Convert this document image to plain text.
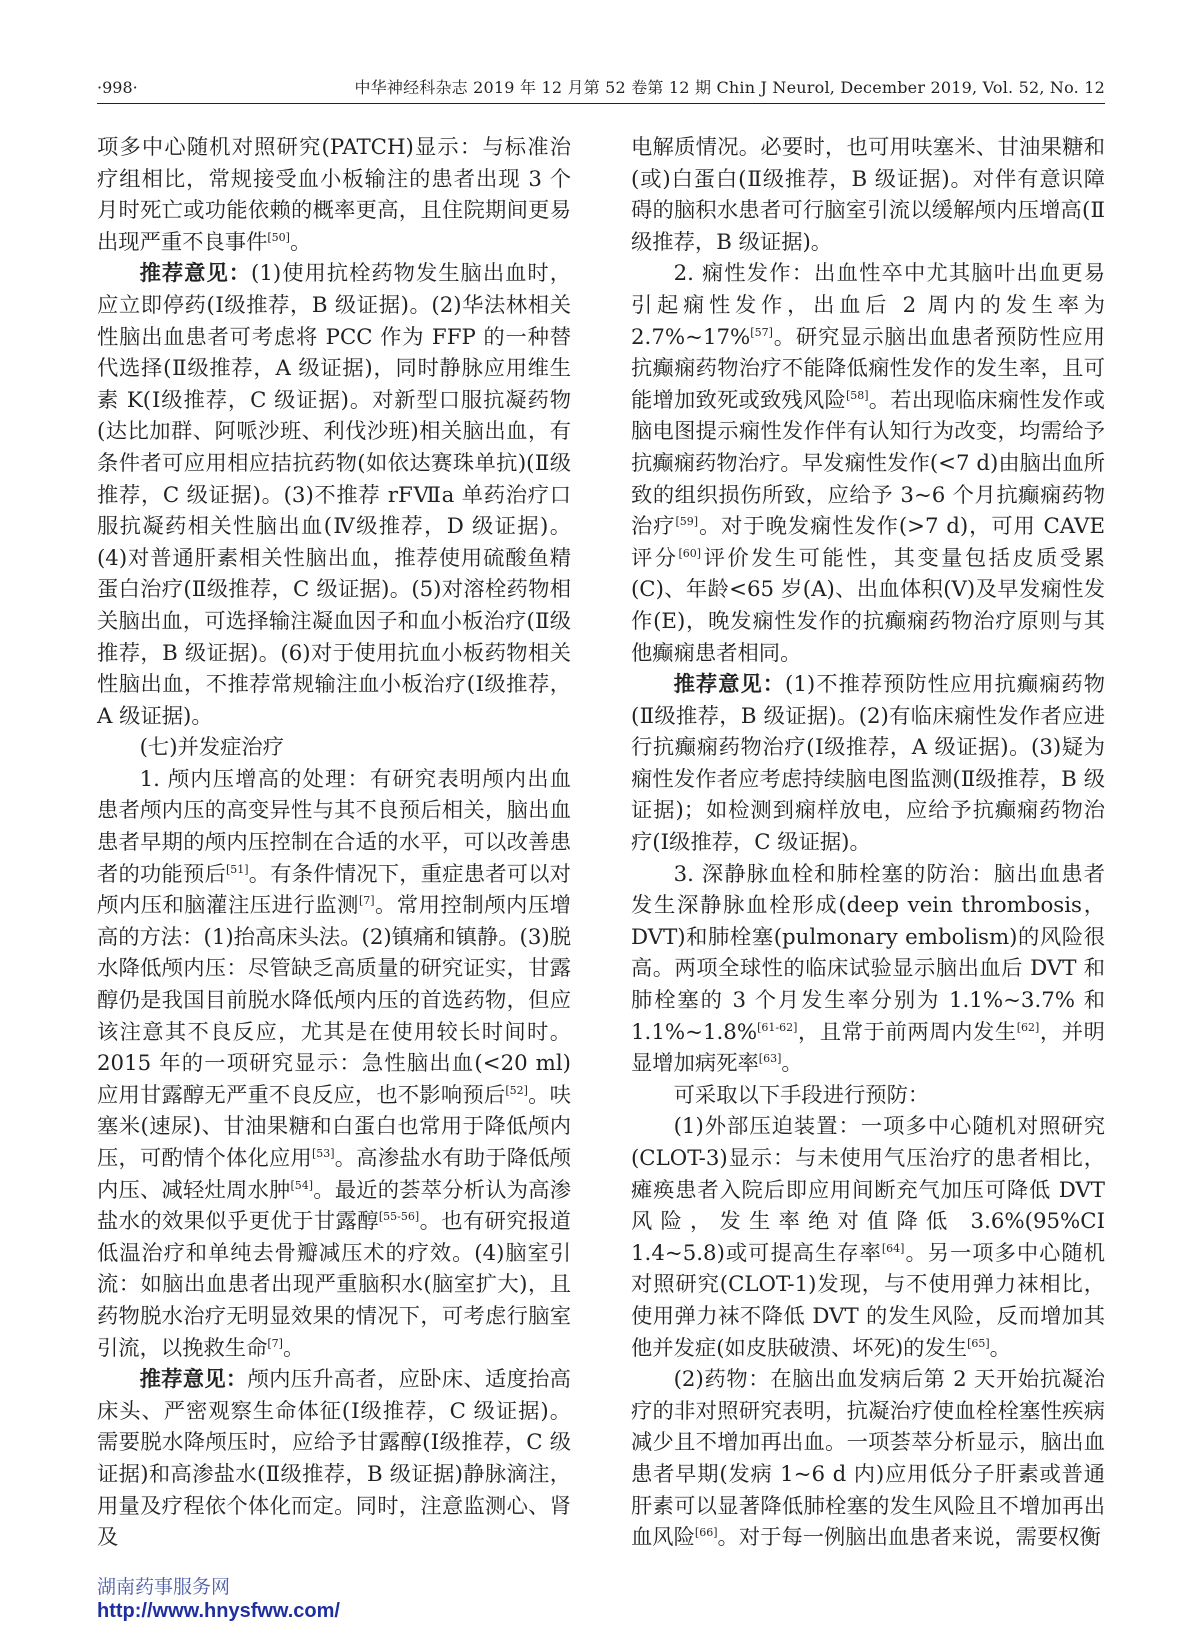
·998·	中华神经科杂志 2019 年 12 月第 52 卷第 12 期 Chin J Neurol, December 2019, Vol. 52, No. 12

项多中心随机对照研究(PATCH)显示：与标准治疗组相比，常规接受血小板输注的患者出现 3 个月时死亡或功能依赖的概率更高，且住院期间更易出现严重不良事件[50]。

推荐意见：(1)使用抗栓药物发生脑出血时，应立即停药(Ⅰ级推荐，B 级证据)。(2)华法林相关性脑出血患者可考虑将 PCC 作为 FFP 的一种替代选择(Ⅱ级推荐，A 级证据)，同时静脉应用维生素 K(Ⅰ级推荐，C 级证据)。对新型口服抗凝药物(达比加群、阿哌沙班、利伐沙班)相关脑出血，有条件者可应用相应拮抗药物(如依达赛珠单抗)(Ⅱ级推荐，C 级证据)。(3)不推荐 rFⅦa 单药治疗口服抗凝药相关性脑出血(Ⅳ级推荐，D 级证据)。(4)对普通肝素相关性脑出血，推荐使用硫酸鱼精蛋白治疗(Ⅱ级推荐，C 级证据)。(5)对溶栓药物相关脑出血，可选择输注凝血因子和血小板治疗(Ⅱ级推荐，B 级证据)。(6)对于使用抗血小板药物相关性脑出血，不推荐常规输注血小板治疗(Ⅰ级推荐，A 级证据)。

(七)并发症治疗

1. 颅内压增高的处理：有研究表明颅内出血患者颅内压的高变异性与其不良预后相关，脑出血患者早期的颅内压控制在合适的水平，可以改善患者的功能预后[51]。有条件情况下，重症患者可以对颅内压和脑灌注压进行监测[7]。常用控制颅内压增高的方法：(1)抬高床头法。(2)镇痛和镇静。(3)脱水降低颅内压：尽管缺乏高质量的研究证实，甘露醇仍是我国目前脱水降低颅内压的首选药物，但应该注意其不良反应，尤其是在使用较长时间时。2015 年的一项研究显示：急性脑出血(<20 ml)应用甘露醇无严重不良反应，也不影响预后[52]。呋塞米(速尿)、甘油果糖和白蛋白也常用于降低颅内压，可酌情个体化应用[53]。高渗盐水有助于降低颅内压、减轻灶周水肿[54]。最近的荟萃分析认为高渗盐水的效果似乎更优于甘露醇[55-56]。也有研究报道低温治疗和单纯去骨瓣减压术的疗效。(4)脑室引流：如脑出血患者出现严重脑积水(脑室扩大)，且药物脱水治疗无明显效果的情况下，可考虑行脑室引流，以挽救生命[7]。

推荐意见：颅内压升高者，应卧床、适度抬高床头、严密观察生命体征(Ⅰ级推荐，C 级证据)。需要脱水降颅压时，应给予甘露醇(Ⅰ级推荐，C 级证据)和高渗盐水(Ⅱ级推荐，B 级证据)静脉滴注，用量及疗程依个体化而定。同时，注意监测心、肾及

电解质情况。必要时，也可用呋塞米、甘油果糖和(或)白蛋白(Ⅱ级推荐，B 级证据)。对伴有意识障碍的脑积水患者可行脑室引流以缓解颅内压增高(Ⅱ级推荐，B 级证据)。

2. 痫性发作：出血性卒中尤其脑叶出血更易引起痫性发作，出血后 2 周内的发生率为 2.7%~17%[57]。研究显示脑出血患者预防性应用抗癫痫药物治疗不能降低痫性发作的发生率，且可能增加致死或致残风险[58]。若出现临床痫性发作或脑电图提示痫性发作伴有认知行为改变，均需给予抗癫痫药物治疗。早发痫性发作(<7 d)由脑出血所致的组织损伤所致，应给予 3~6 个月抗癫痫药物治疗[59]。对于晚发痫性发作(>7 d)，可用 CAVE 评分[60]评价发生可能性，其变量包括皮质受累(C)、年龄<65 岁(A)、出血体积(V)及早发痫性发作(E)，晚发痫性发作的抗癫痫药物治疗原则与其他癫痫患者相同。

推荐意见：(1)不推荐预防性应用抗癫痫药物(Ⅱ级推荐，B 级证据)。(2)有临床痫性发作者应进行抗癫痫药物治疗(Ⅰ级推荐，A 级证据)。(3)疑为痫性发作者应考虑持续脑电图监测(Ⅱ级推荐，B 级证据)；如检测到痫样放电，应给予抗癫痫药物治疗(Ⅰ级推荐，C 级证据)。

3. 深静脉血栓和肺栓塞的防治：脑出血患者发生深静脉血栓形成(deep vein thrombosis，DVT)和肺栓塞(pulmonary embolism)的风险很高。两项全球性的临床试验显示脑出血后 DVT 和肺栓塞的 3 个月发生率分别为 1.1%~3.7% 和 1.1%~1.8%[61-62]，且常于前两周内发生[62]，并明显增加病死率[63]。

可采取以下手段进行预防：

(1)外部压迫装置：一项多中心随机对照研究(CLOT-3)显示：与未使用气压治疗的患者相比，瘫痪患者入院后即应用间断充气加压可降低 DVT 风险，发生率绝对值降低 3.6%(95%CI 1.4~5.8)或可提高生存率[64]。另一项多中心随机对照研究(CLOT-1)发现，与不使用弹力袜相比，使用弹力袜不降低 DVT 的发生风险，反而增加其他并发症(如皮肤破溃、坏死)的发生[65]。

(2)药物：在脑出血发病后第 2 天开始抗凝治疗的非对照研究表明，抗凝治疗使血栓栓塞性疾病减少且不增加再出血。一项荟萃分析显示，脑出血患者早期(发病 1~6 d 内)应用低分子肝素或普通肝素可以显著降低肺栓塞的发生风险且不增加再出血风险[66]。对于每一例脑出血患者来说，需要权衡

湖南药事服务网
http://www.hnysfww.com/
